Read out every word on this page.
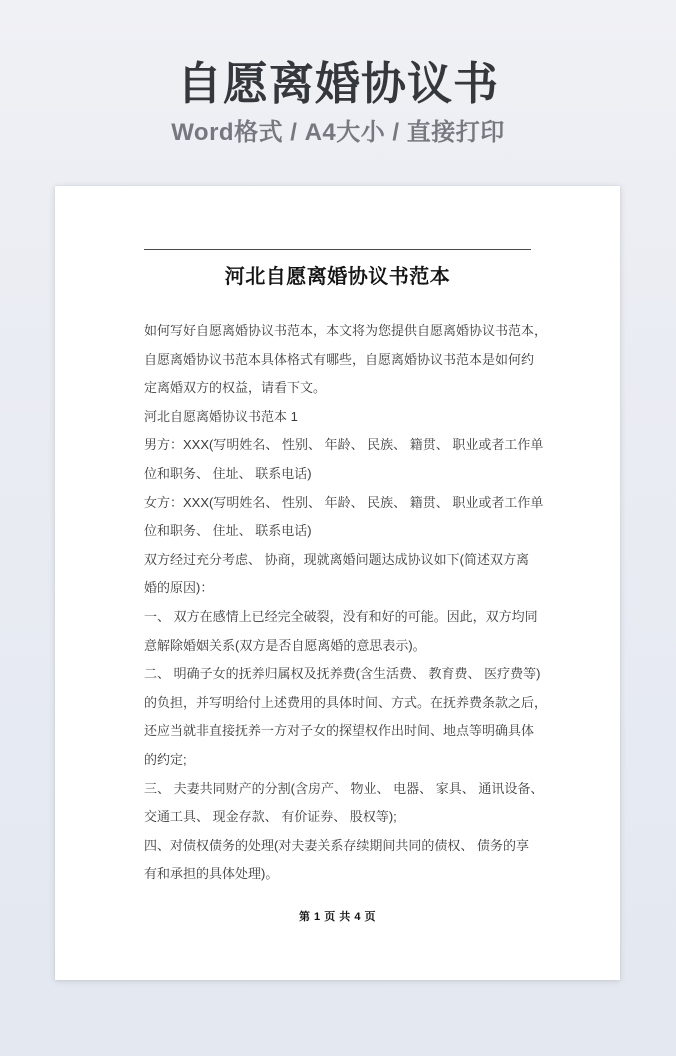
自愿离婚协议书
Word格式 / A4大小 / 直接打印
河北自愿离婚协议书范本

如何写好自愿离婚协议书范本，本文将为您提供自愿离婚协议书范本，

自愿离婚协议书范本具体格式有哪些，自愿离婚协议书范本是如何约

定离婚双方的权益，请看下文。

河北自愿离婚协议书范本 1

男方：XXX(写明姓名、 性别、 年龄、 民族、 籍贯、 职业或者工作单

位和职务、 住址、 联系电话)

女方：XXX(写明姓名、 性别、 年龄、 民族、 籍贯、 职业或者工作单

位和职务、 住址、 联系电话)

双方经过充分考虑、 协商，现就离婚问题达成协议如下(简述双方离

婚的原因)：

一、 双方在感情上已经完全破裂，没有和好的可能。因此，双方均同

意解除婚姻关系(双方是否自愿离婚的意思表示)。

二、 明确子女的抚养归属权及抚养费(含生活费、 教育费、 医疗费等)

的负担，并写明给付上述费用的具体时间、方式。在抚养费条款之后，

还应当就非直接抚养一方对子女的探望权作出时间、地点等明确具体

的约定;

三、 夫妻共同财产的分割(含房产、 物业、 电器、 家具、 通讯设备、

交通工具、 现金存款、 有价证券、 股权等);

四、对债权债务的处理(对夫妻关系存续期间共同的债权、 债务的享

有和承担的具体处理)。

第 1 页 共 4 页
